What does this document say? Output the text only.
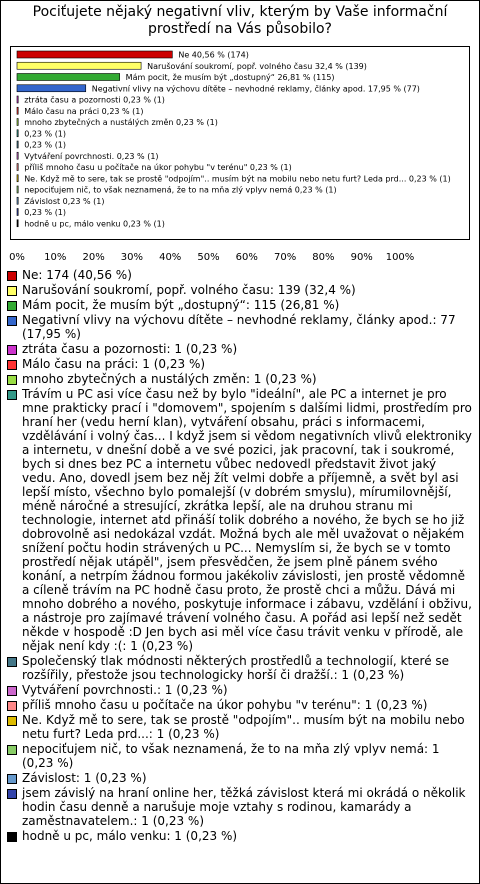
Pociťujete nějaký negativní vliv, kterým by Vaše informační prostředí na Vás působilo?
Ne 40,56 % (174)
Narušování soukromí, popř. volného času 32,4 % (139)
Mám pocit, že musím být „dostupný“ 26,81 % (115)
Negativní vlivy na výchovu dítěte – nevhodné reklamy, články apod. 17,95 % (77)
ztráta času a pozornosti 0,23 % (1)
Málo času na práci 0,23 % (1)
mnoho zbytečných a nustálých změn 0,23 % (1)
0,23 % (1)
0,23 % (1)
Vytváření povrchnosti. 0,23 % (1)
příliš mnoho času u počítače na úkor pohybu "v terénu" 0,23 % (1)
Ne. Když mě to sere, tak se prostě "odpojím".. musím být na mobilu nebo netu furt? Leda prd... 0,23 % (1)
nepociťujem nič, to však neznamená, že to na mňa zlý vplyv nemá 0,23 % (1)
Závislost 0,23 % (1)
0,23 % (1)
hodně u pc, málo venku 0,23 % (1)
0% 10% 20% 30% 40% 50% 60% 70% 80% 90% 100%
Ne: 174 (40,56 %)
Narušování soukromí, popř. volného času: 139 (32,4 %)
Mám pocit, že musím být „dostupný“: 115 (26,81 %)
Negativní vlivy na výchovu dítěte – nevhodné reklamy, články apod.: 77 (17,95 %)
ztráta času a pozornosti: 1 (0,23 %)
Málo času na práci: 1 (0,23 %)
mnoho zbytečných a nustálých změn: 1 (0,23 %)
Trávím u PC asi více času než by bylo "ideální", ale PC a internet je pro mne prakticky prací i "domovem", spojením s dalšími lidmi, prostředím pro hraní her (vedu herní klan), vytváření obsahu, práci s informacemi, vzdělávání i volný čas... I když jsem si vědom negativních vlivů elektroniky a internetu, v dnešní době a ve své pozici, jak pracovní, tak i soukromé, bych si dnes bez PC a internetu vůbec nedovedl představit život jaký vedu. Ano, dovedl jsem bez něj žít velmi dobře a příjemně, a svět byl asi lepší místo, všechno bylo pomalejší (v dobrém smyslu), mírumilovnější, méně náročné a stresující, zkrátka lepší, ale na druhou stranu mi technologie, internet atd přináší tolik dobrého a nového, že bych se ho již dobrovolně asi nedokázal vzdát. Možná bych ale měl uvažovat o nějakém snížení počtu hodin strávených u PC... Nemyslím si, že bych se v tomto prostředí nějak utápěl", jsem přesvědčen, že jsem plně pánem svého konání, a netrpím žádnou formou jakékoliv závislosti, jen prostě vědomně a cíleně trávím na PC hodně času proto, že prostě chci a můžu. Dává mi mnoho dobrého a nového, poskytuje informace i zábavu, vzdělání i obživu, a nástroje pro zajímavé trávení volného času. A pořád asi lepší než sedět někde v hospodě :D Jen bych asi měl více času trávit venku v přírodě, ale nějak není kdy :(: 1 (0,23 %)
Společenský tlak módnosti některých prostředlů a technologií, které se rozšířily, přestože jsou technologicky horší či dražší.: 1 (0,23 %)
Vytváření povrchnosti.: 1 (0,23 %)
příliš mnoho času u počítače na úkor pohybu "v terénu": 1 (0,23 %)
Ne. Když mě to sere, tak se prostě "odpojím".. musím být na mobilu nebo netu furt? Leda prd...: 1 (0,23 %)
nepociťujem nič, to však neznamená, že to na mňa zlý vplyv nemá: 1 (0,23 %)
Závislost: 1 (0,23 %)
jsem závislý na hraní online her, těžká závislost která mi okrádá o několik hodin času denně a narušuje moje vztahy s rodinou, kamarády a zaměstnavatelem.: 1 (0,23 %)
hodně u pc, málo venku: 1 (0,23 %)
